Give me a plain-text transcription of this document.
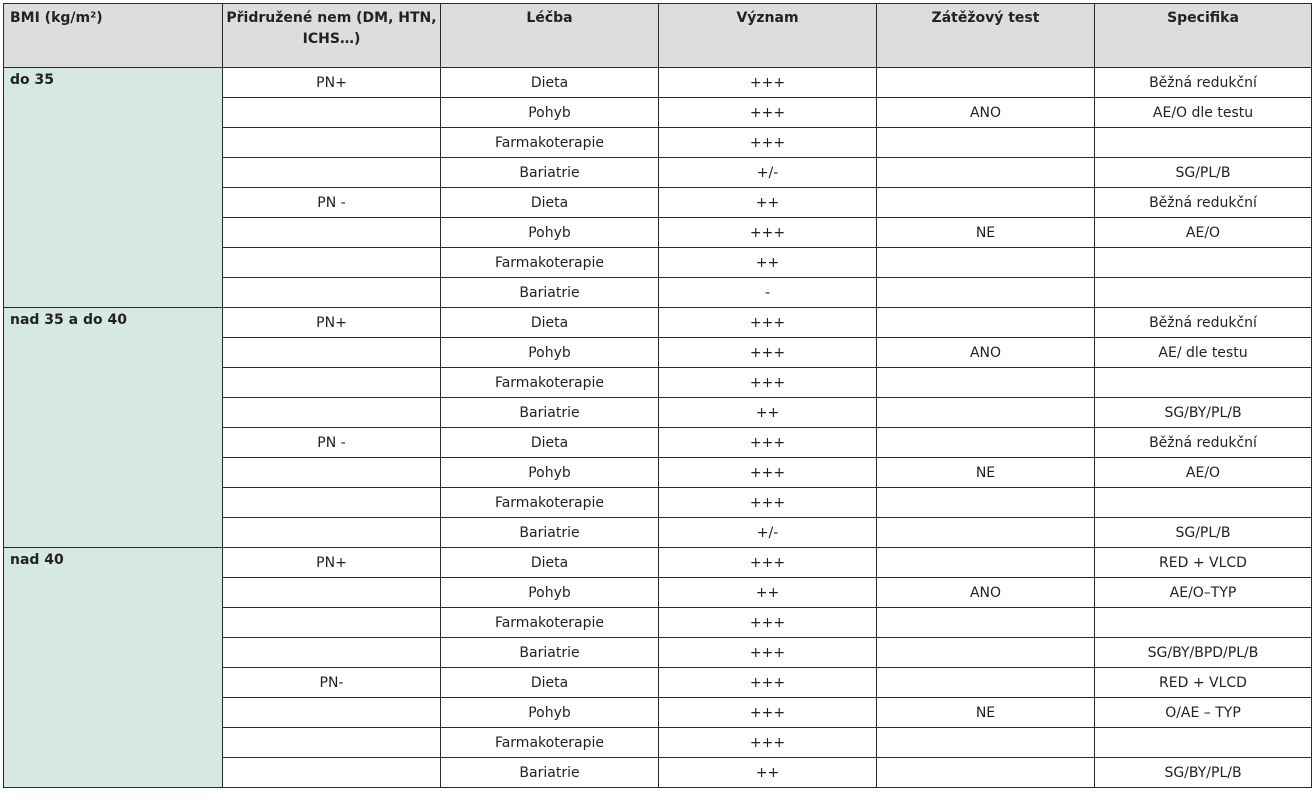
BMI (kg/m²)	Přidružené nem (DM, HTN, ICHS…)	Léčba	Význam	Zátěžový test	Specifika
do 35	PN+	Dieta	+++		Běžná redukční
		Pohyb	+++	ANO	AE/O dle testu
		Farmakoterapie	+++		
		Bariatrie	+/-		SG/PL/B
	PN -	Dieta	++		Běžná redukční
		Pohyb	+++	NE	AE/O
		Farmakoterapie	++		
		Bariatrie	-		
nad 35 a do 40	PN+	Dieta	+++		Běžná redukční
		Pohyb	+++	ANO	AE/ dle testu
		Farmakoterapie	+++		
		Bariatrie	++		SG/BY/PL/B
	PN -	Dieta	+++		Běžná redukční
		Pohyb	+++	NE	AE/O
		Farmakoterapie	+++		
		Bariatrie	+/-		SG/PL/B
nad 40	PN+	Dieta	+++		RED + VLCD
		Pohyb	++	ANO	AE/O–TYP
		Farmakoterapie	+++		
		Bariatrie	+++		SG/BY/BPD/PL/B
	PN-	Dieta	+++		RED + VLCD
		Pohyb	+++	NE	O/AE – TYP
		Farmakoterapie	+++		
		Bariatrie	++		SG/BY/PL/B
